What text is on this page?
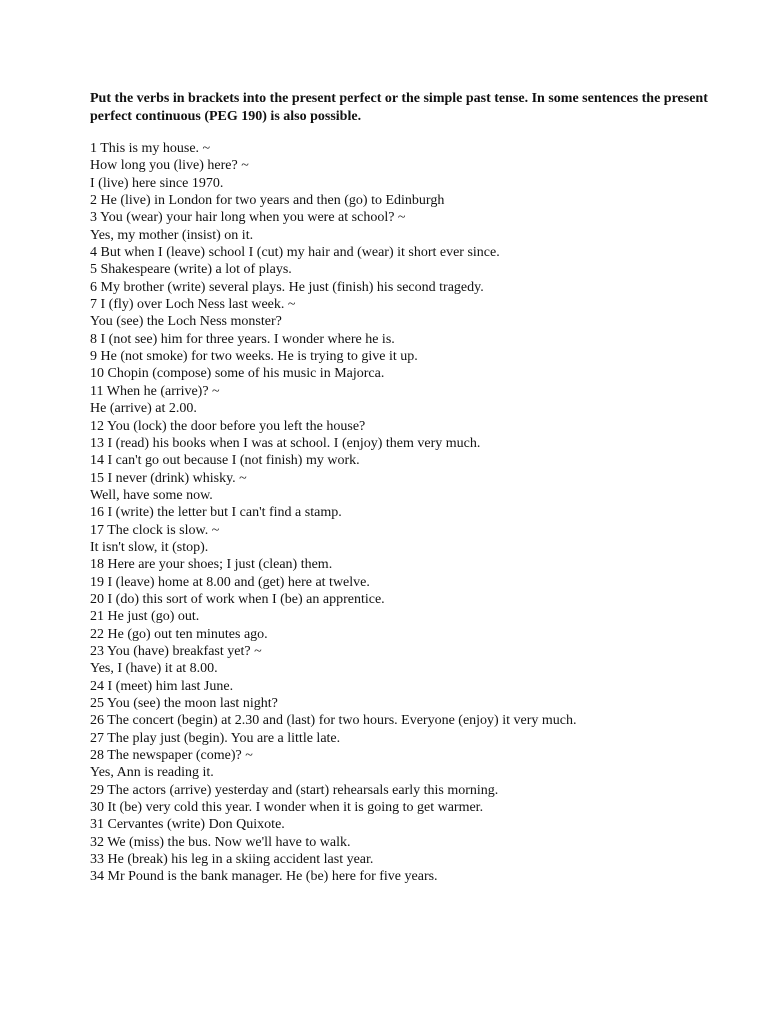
Put the verbs in brackets into the present perfect or the simple past tense. In some sentences the present perfect continuous (PEG 190) is also possible.

1 This is my house. ~
How long you (live) here? ~
I (live) here since 1970.
2 He (live) in London for two years and then (go) to Edinburgh
3 You (wear) your hair long when you were at school? ~
Yes, my mother (insist) on it.
4 But when I (leave) school I (cut) my hair and (wear) it short ever since.
5 Shakespeare (write) a lot of plays.
6 My brother (write) several plays. He just (finish) his second tragedy.
7 I (fly) over Loch Ness last week. ~
You (see) the Loch Ness monster?
8 I (not see) him for three years. I wonder where he is.
9 He (not smoke) for two weeks. He is trying to give it up.
10 Chopin (compose) some of his music in Majorca.
11 When he (arrive)? ~
He (arrive) at 2.00.
12 You (lock) the door before you left the house?
13 I (read) his books when I was at school. I (enjoy) them very much.
14 I can't go out because I (not finish) my work.
15 I never (drink) whisky. ~
Well, have some now.
16 I (write) the letter but I can't find a stamp.
17 The clock is slow. ~
It isn't slow, it (stop).
18 Here are your shoes; I just (clean) them.
19 I (leave) home at 8.00 and (get) here at twelve.
20 I (do) this sort of work when I (be) an apprentice.
21 He just (go) out.
22 He (go) out ten minutes ago.
23 You (have) breakfast yet? ~
Yes, I (have) it at 8.00.
24 I (meet) him last June.
25 You (see) the moon last night?
26 The concert (begin) at 2.30 and (last) for two hours. Everyone (enjoy) it very much.
27 The play just (begin). You are a little late.
28 The newspaper (come)? ~
Yes, Ann is reading it.
29 The actors (arrive) yesterday and (start) rehearsals early this morning.
30 It (be) very cold this year. I wonder when it is going to get warmer.
31 Cervantes (write) Don Quixote.
32 We (miss) the bus. Now we'll have to walk.
33 He (break) his leg in a skiing accident last year.
34 Mr Pound is the bank manager. He (be) here for five years.
